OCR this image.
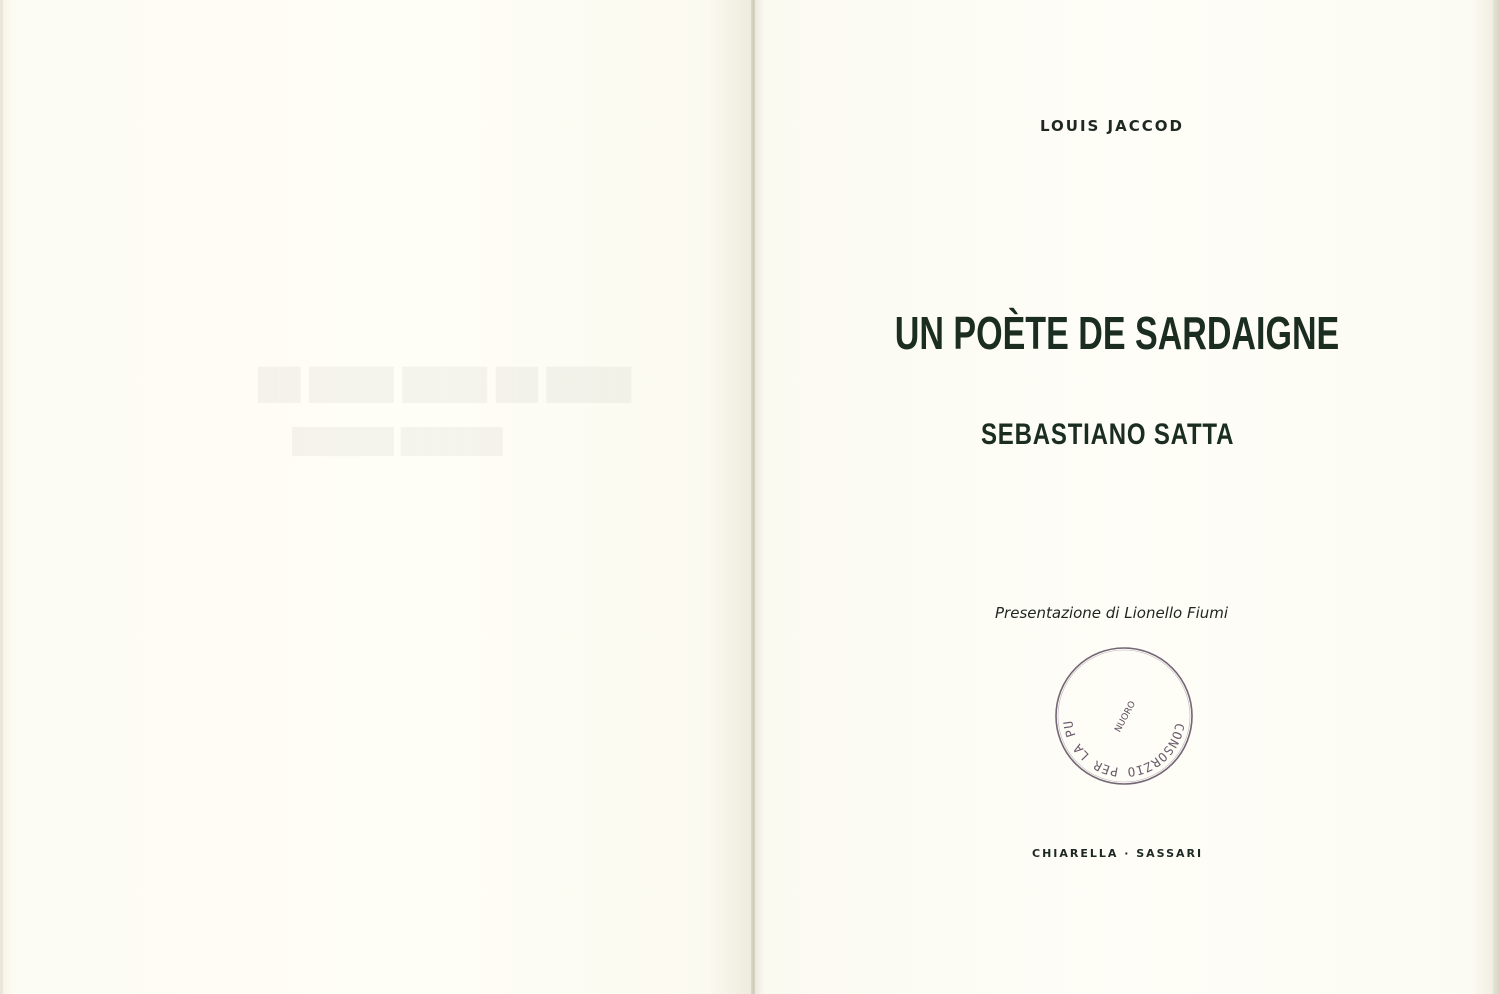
LOUIS JACCOD
UN POÈTE DE SARDAIGNE
SEBASTIANO SATTA
Presentazione di Lionello Fiumi
CONSORZIO PER LA PU	NUORO
CHIARELLA · SASSARI
